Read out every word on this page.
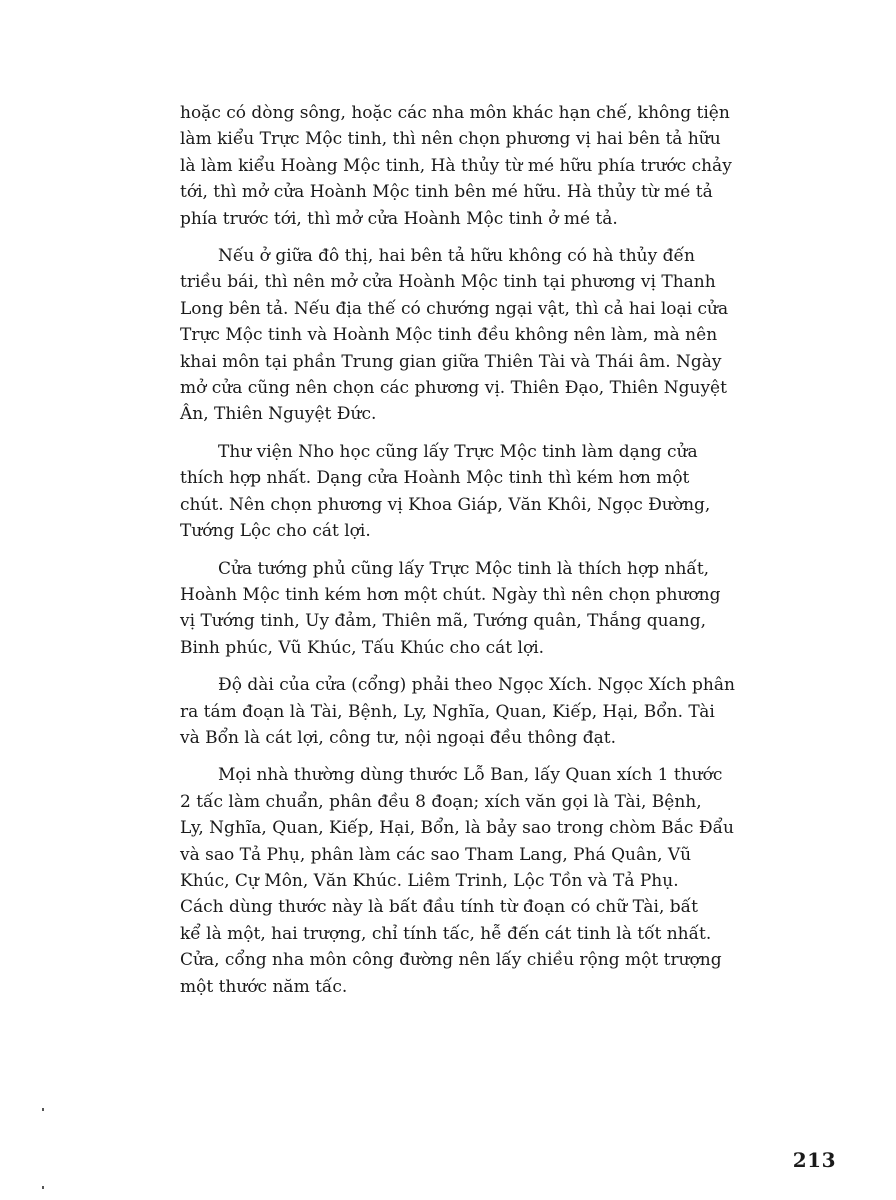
hoặc có dòng sông, hoặc các nha môn khác hạn chế, không tiện
làm kiểu Trực Mộc tinh, thì nên chọn phương vị hai bên tả hữu
là làm kiểu Hoàng Mộc tinh, Hà thủy từ mé hữu phía trước chảy
tới, thì mở cửa Hoành Mộc tinh bên mé hữu. Hà thủy từ mé tả
phía trước tới, thì mở cửa Hoành Mộc tinh ở mé tả.

Nếu ở giữa đô thị, hai bên tả hữu không có hà thủy đến
triều bái, thì nên mở cửa Hoành Mộc tinh tại phương vị Thanh
Long bên tả. Nếu địa thế có chướng ngại vật, thì cả hai loại cửa
Trực Mộc tinh và Hoành Mộc tinh đều không nên làm, mà nên
khai môn tại phần Trung gian giữa Thiên Tài và Thái âm. Ngày
mở cửa cũng nên chọn các phương vị. Thiên Đạo, Thiên Nguyệt
Ân, Thiên Nguyệt Đức.

Thư viện Nho học cũng lấy Trực Mộc tinh làm dạng cửa
thích hợp nhất. Dạng cửa Hoành Mộc tinh thì kém hơn một
chút. Nên chọn phương vị Khoa Giáp, Văn Khôi, Ngọc Đường,
Tướng Lộc cho cát lợi.

Cửa tướng phủ cũng lấy Trực Mộc tinh là thích hợp nhất,
Hoành Mộc tinh kém hơn một chút. Ngày thì nên chọn phương
vị Tướng tinh, Uy đảm, Thiên mã, Tướng quân, Thắng quang,
Binh phúc, Vũ Khúc, Tấu Khúc cho cát lợi.

Độ dài của cửa (cổng) phải theo Ngọc Xích. Ngọc Xích phân
ra tám đoạn là Tài, Bệnh, Ly, Nghĩa, Quan, Kiếp, Hại, Bổn. Tài
và Bổn là cát lợi, công tư, nội ngoại đều thông đạt.

Mọi nhà thường dùng thước Lỗ Ban, lấy Quan xích 1 thước
2 tấc làm chuẩn, phân đều 8 đoạn; xích văn gọi là Tài, Bệnh,
Ly, Nghĩa, Quan, Kiếp, Hại, Bổn, là bảy sao trong chòm Bắc Đẩu
và sao Tả Phụ, phân làm các sao Tham Lang, Phá Quân, Vũ
Khúc, Cự Môn, Văn Khúc. Liêm Trinh, Lộc Tồn và Tả Phụ.
Cách dùng thước này là bất đầu tính từ đoạn có chữ Tài, bất
kể là một, hai trượng, chỉ tính tấc, hễ đến cát tinh là tốt nhất.
Cửa, cổng nha môn công đường nên lấy chiều rộng một trượng
một thước năm tấc.

213
